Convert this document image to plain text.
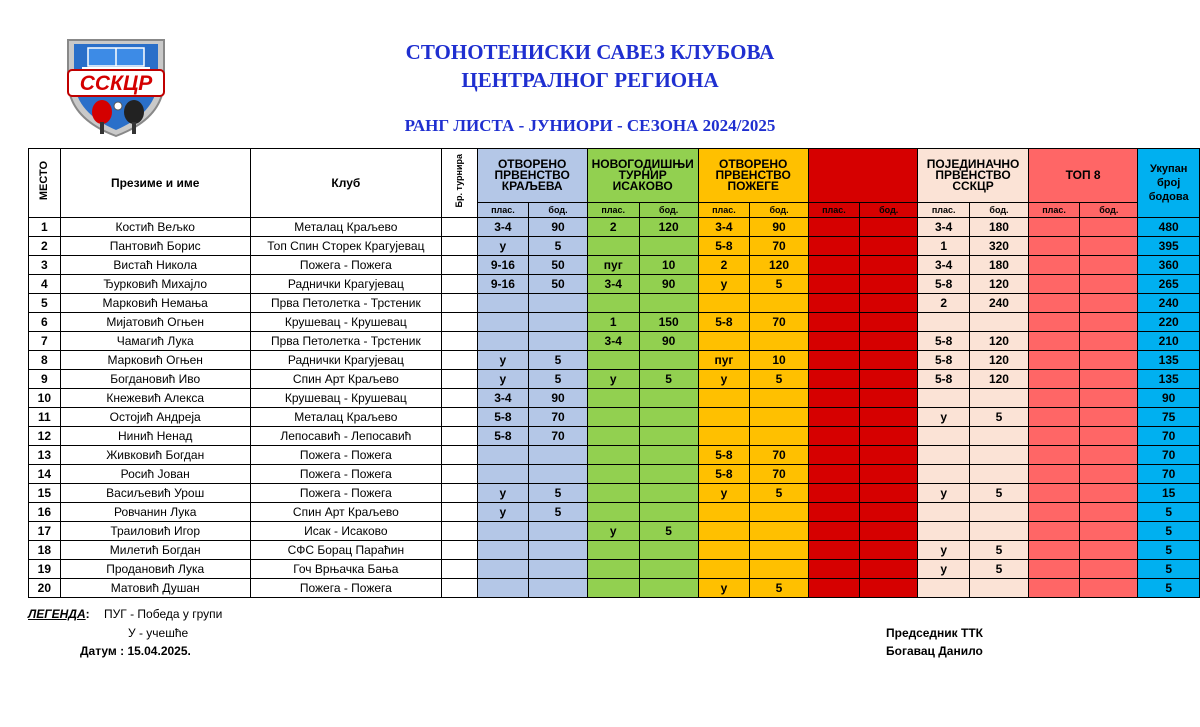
ССКЦР
СТОНОТЕНИСКИ САВЕЗ КЛУБОВА
ЦЕНТРАЛНОГ РЕГИОНА
РАНГ ЛИСТА - ЈУНИОРИ - СЕЗОНА 2024/2025
МЕСТО	Презиме и име	Клуб	Бр. турнира	ОТВОРЕНО ПРВЕНСТВО КРАЉЕВА		НОВОГОДИШЊИ ТУРНИР ИСАКОВО		ОТВОРЕНО ПРВЕНСТВО ПОЖЕГЕ				ПОЈЕДИНАЧНО ПРВЕНСТВО ССКЦР		ТОП 8		Укупан број бодова
				плас.	бод.	плас.	бод.	плас.	бод.	плас.	бод.	плас.	бод.	плас.	бод.	
1	Костић Вељко	Металац Краљево		3-4	90	2	120	3-4	90			3-4	180			480
2	Пантовић Борис	Топ Спин Сторек Крагујевац		у	5			5-8	70			1	320			395
3	Вистаћ Никола	Пожега - Пожега		9-16	50	пуг	10	2	120			3-4	180			360
4	Ђурковић Михајло	Раднички Крагујевац		9-16	50	3-4	90	у	5			5-8	120			265
5	Марковић Немања	Прва Петолетка - Трстеник										2	240			240
6	Мијатовић Огњен	Крушевац - Крушевац				1	150	5-8	70							220
7	Чамагић Лука	Прва Петолетка - Трстеник				3-4	90					5-8	120			210
8	Марковић Огњен	Раднички Крагујевац		у	5			пуг	10			5-8	120			135
9	Богдановић Иво	Спин Арт Краљево		у	5	у	5	у	5			5-8	120			135
10	Кнежевић Алекса	Крушевац - Крушевац		3-4	90											90
11	Остојић Андреја	Металац Краљево		5-8	70							у	5			75
12	Нинић Ненад	Лепосавић - Лепосавић		5-8	70											70
13	Живковић Богдан	Пожега - Пожега						5-8	70							70
14	Росић Јован	Пожега - Пожега						5-8	70							70
15	Васиљевић Урош	Пожега - Пожега		у	5			у	5			у	5			15
16	Ровчанин Лука	Спин Арт Краљево		у	5											5
17	Траиловић Игор	Исак - Исаково				у	5									5
18	Милетић Богдан	СФС Борац Параћин										у	5			5
19	Продановић Лука	Гоч Врњачка Бања										у	5			5
20	Матовић Душан	Пожега - Пожега						у	5							5
ЛЕГЕНДА: ПУГ - Победа у групи
У - учешће
Датум : 15.04.2025.
Председник ТТК
Богавац Данило
